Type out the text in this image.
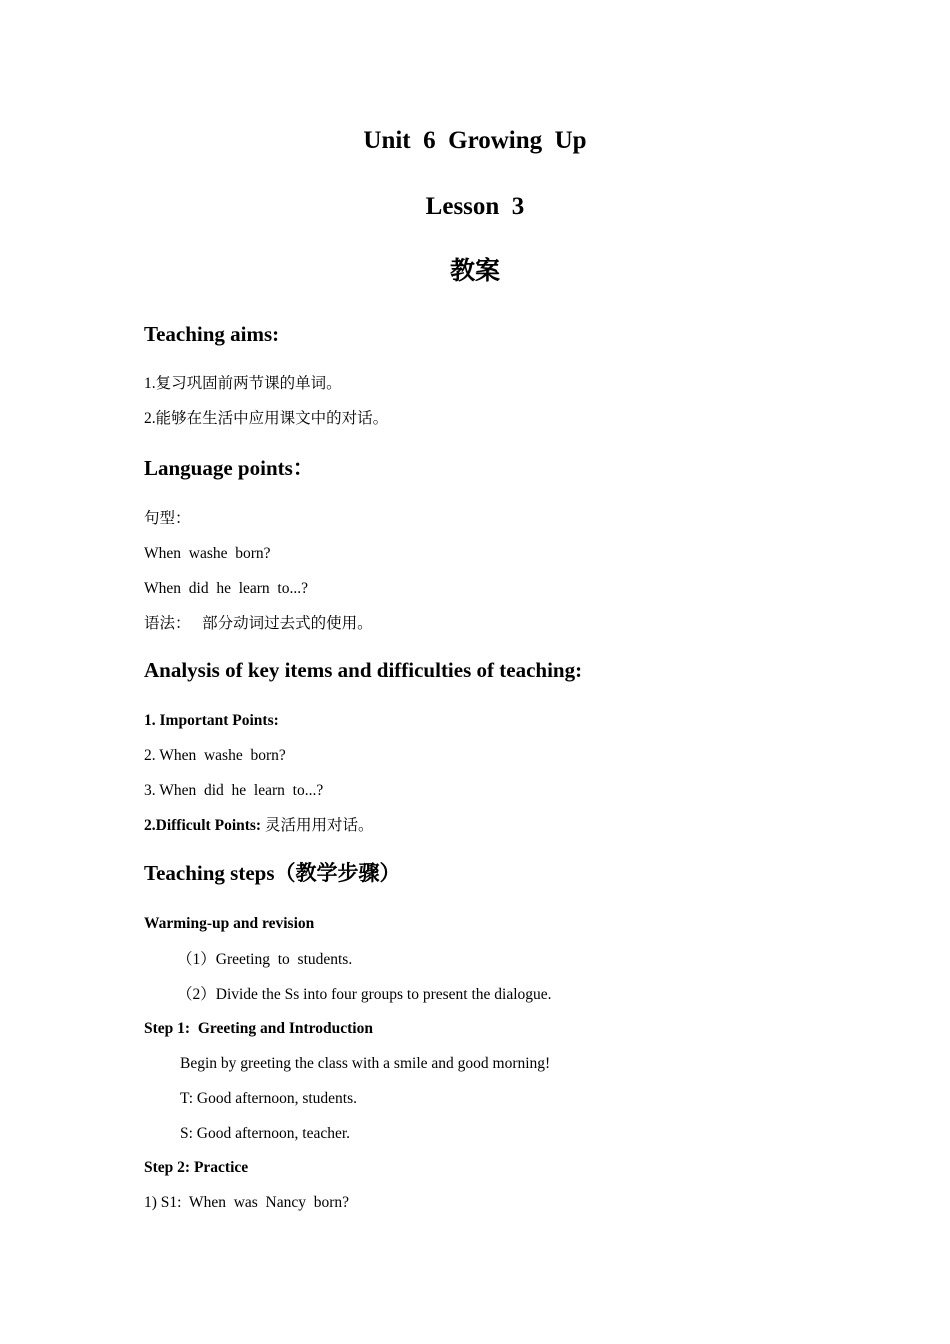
Unit  6  Growing  Up
Lesson  3
教案
Teaching aims:
1.复习巩固前两节课的单词。
2.能够在生活中应用课文中的对话。
Language points：
句型：
When  washe  born?
When  did  he  learn  to...?
语法：   部分动词过去式的使用。
Analysis of key items and difficulties of teaching:
1. Important Points:
2. When  washe  born?
3. When  did  he  learn  to...?
2.Difficult Points: 灵活用用对话。
Teaching steps（教学步骤）
Warming-up and revision
（1）Greeting  to  students.
（2）Divide the Ss into four groups to present the dialogue.
Step 1:  Greeting and Introduction
Begin by greeting the class with a smile and good morning!
T: Good afternoon, students.
S: Good afternoon, teacher.
Step 2: Practice
1) S1:  When  was  Nancy  born?
